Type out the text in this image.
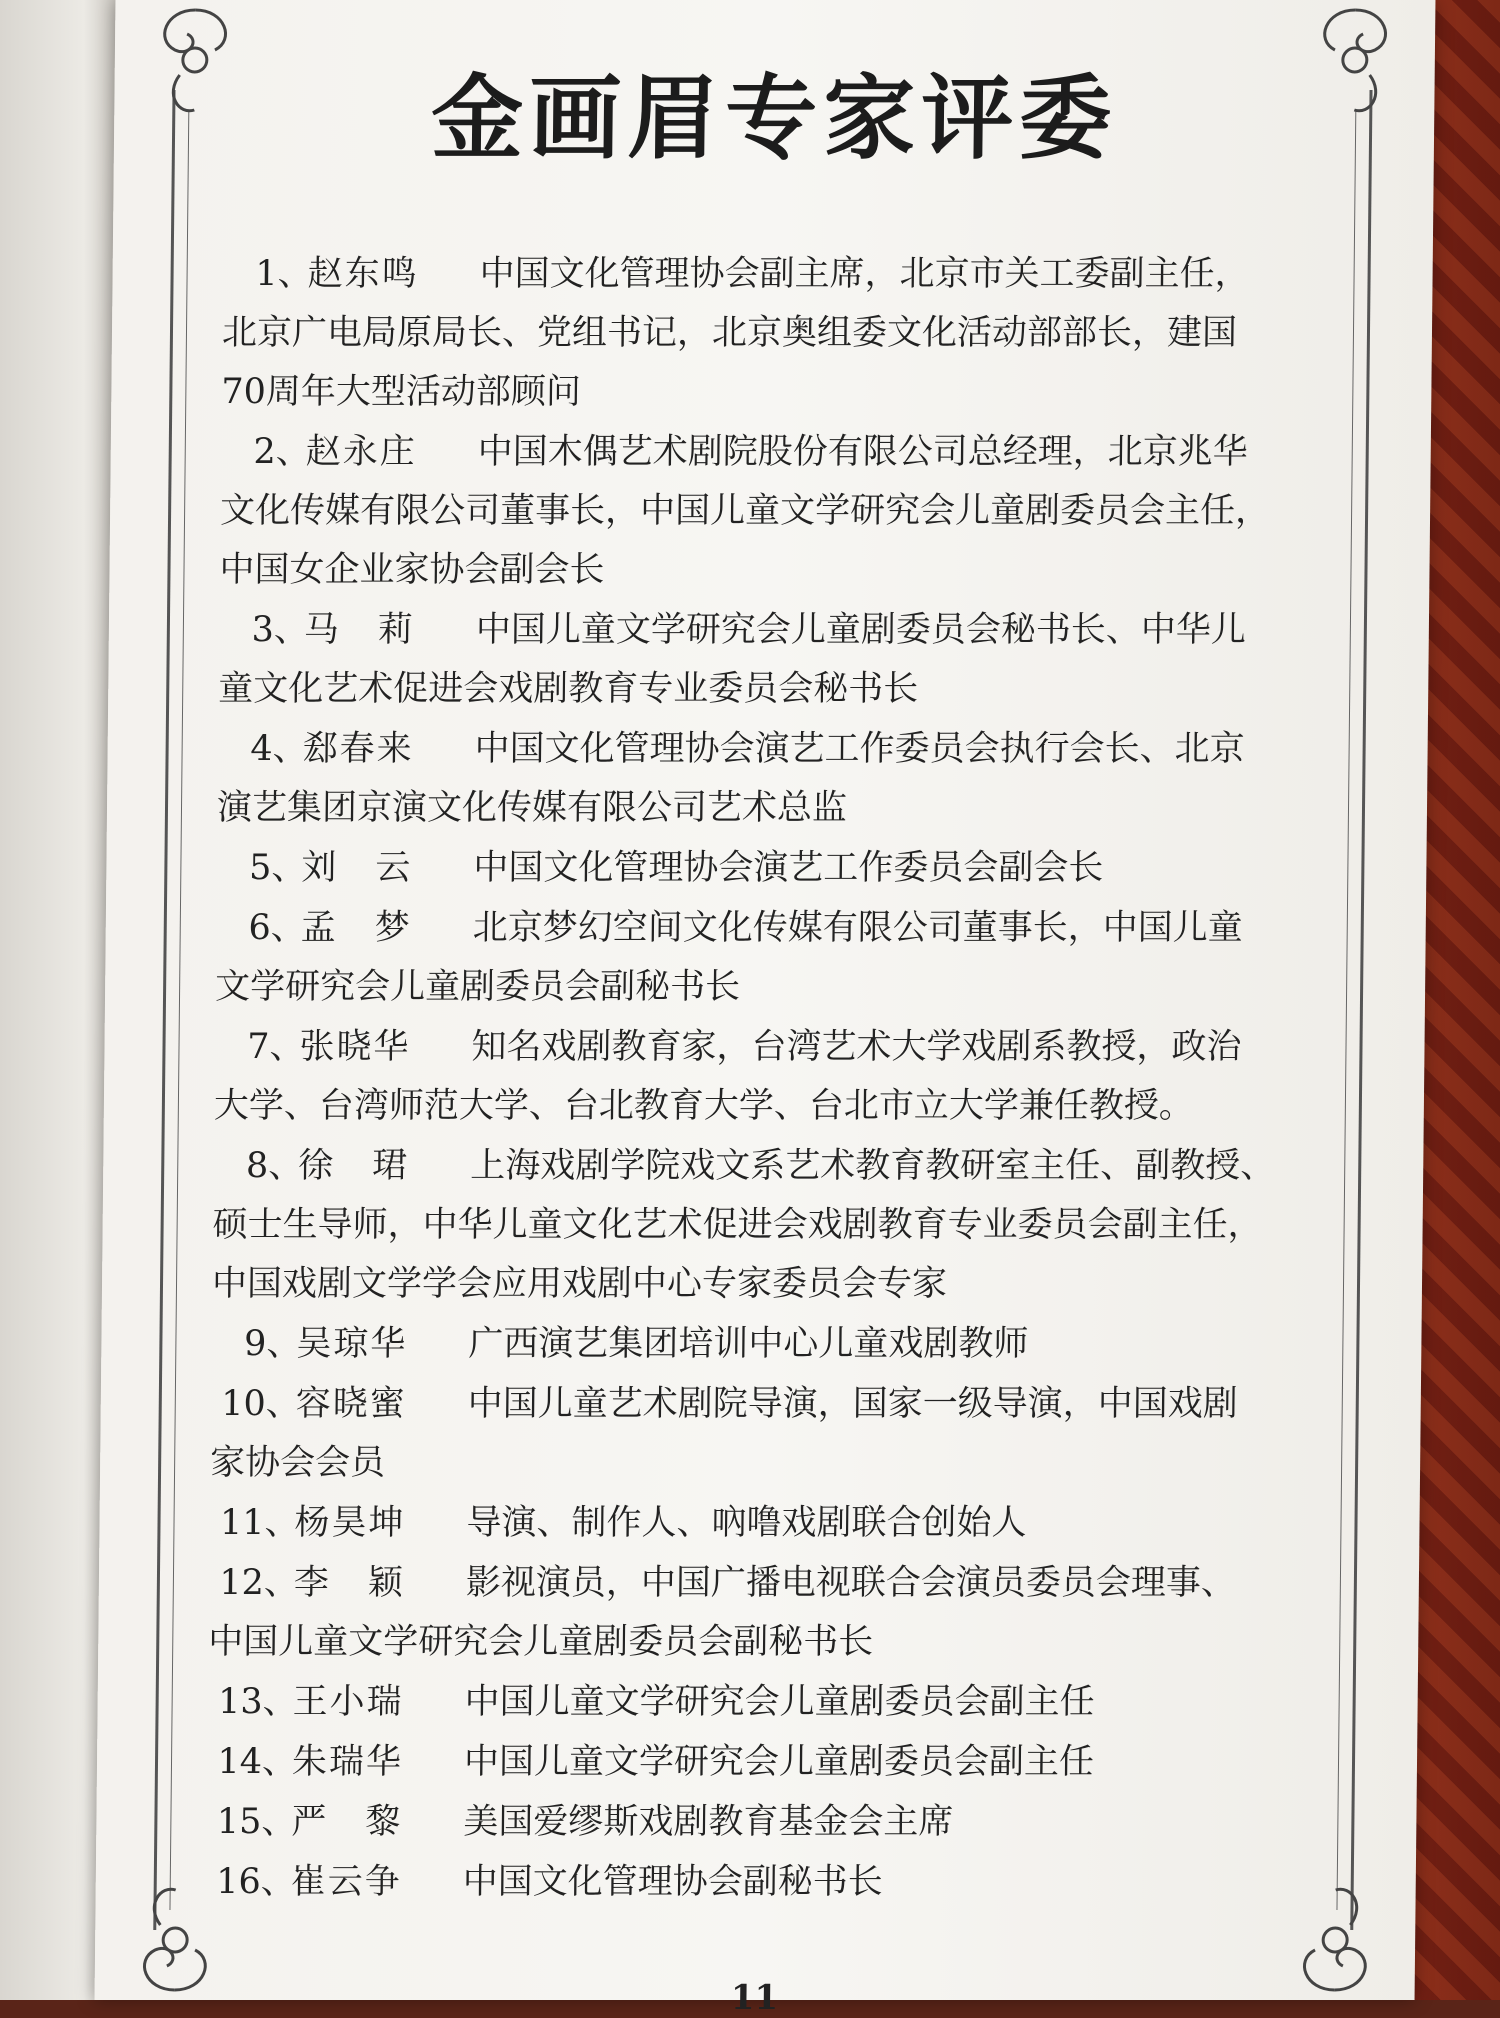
金画眉专家评委
1、赵东鸣 中国文化管理协会副主席，北京市关工委副主任，
北京广电局原局长、党组书记，北京奥组委文化活动部部长，建国
70周年大型活动部顾问
2、赵永庄 中国木偶艺术剧院股份有限公司总经理，北京兆华
文化传媒有限公司董事长，中国儿童文学研究会儿童剧委员会主任，
中国女企业家协会副会长
3、马　莉 中国儿童文学研究会儿童剧委员会秘书长、中华儿
童文化艺术促进会戏剧教育专业委员会秘书长
4、郄春来 中国文化管理协会演艺工作委员会执行会长、北京
演艺集团京演文化传媒有限公司艺术总监
5、刘　云 中国文化管理协会演艺工作委员会副会长
6、孟　梦 北京梦幻空间文化传媒有限公司董事长，中国儿童
文学研究会儿童剧委员会副秘书长
7、张晓华 知名戏剧教育家，台湾艺术大学戏剧系教授，政治
大学、台湾师范大学、台北教育大学、台北市立大学兼任教授。
8、徐　珺 上海戏剧学院戏文系艺术教育教研室主任、副教授、
硕士生导师，中华儿童文化艺术促进会戏剧教育专业委员会副主任，
中国戏剧文学学会应用戏剧中心专家委员会专家
9、吴琼华 广西演艺集团培训中心儿童戏剧教师
10、容晓蜜 中国儿童艺术剧院导演，国家一级导演，中国戏剧
家协会会员
11、杨昊坤 导演、制作人、吶噜戏剧联合创始人
12、李　颖 影视演员，中国广播电视联合会演员委员会理事、
中国儿童文学研究会儿童剧委员会副秘书长
13、王小瑞 中国儿童文学研究会儿童剧委员会副主任
14、朱瑞华 中国儿童文学研究会儿童剧委员会副主任
15、严　黎 美国爱缪斯戏剧教育基金会主席
16、崔云争 中国文化管理协会副秘书长
11
